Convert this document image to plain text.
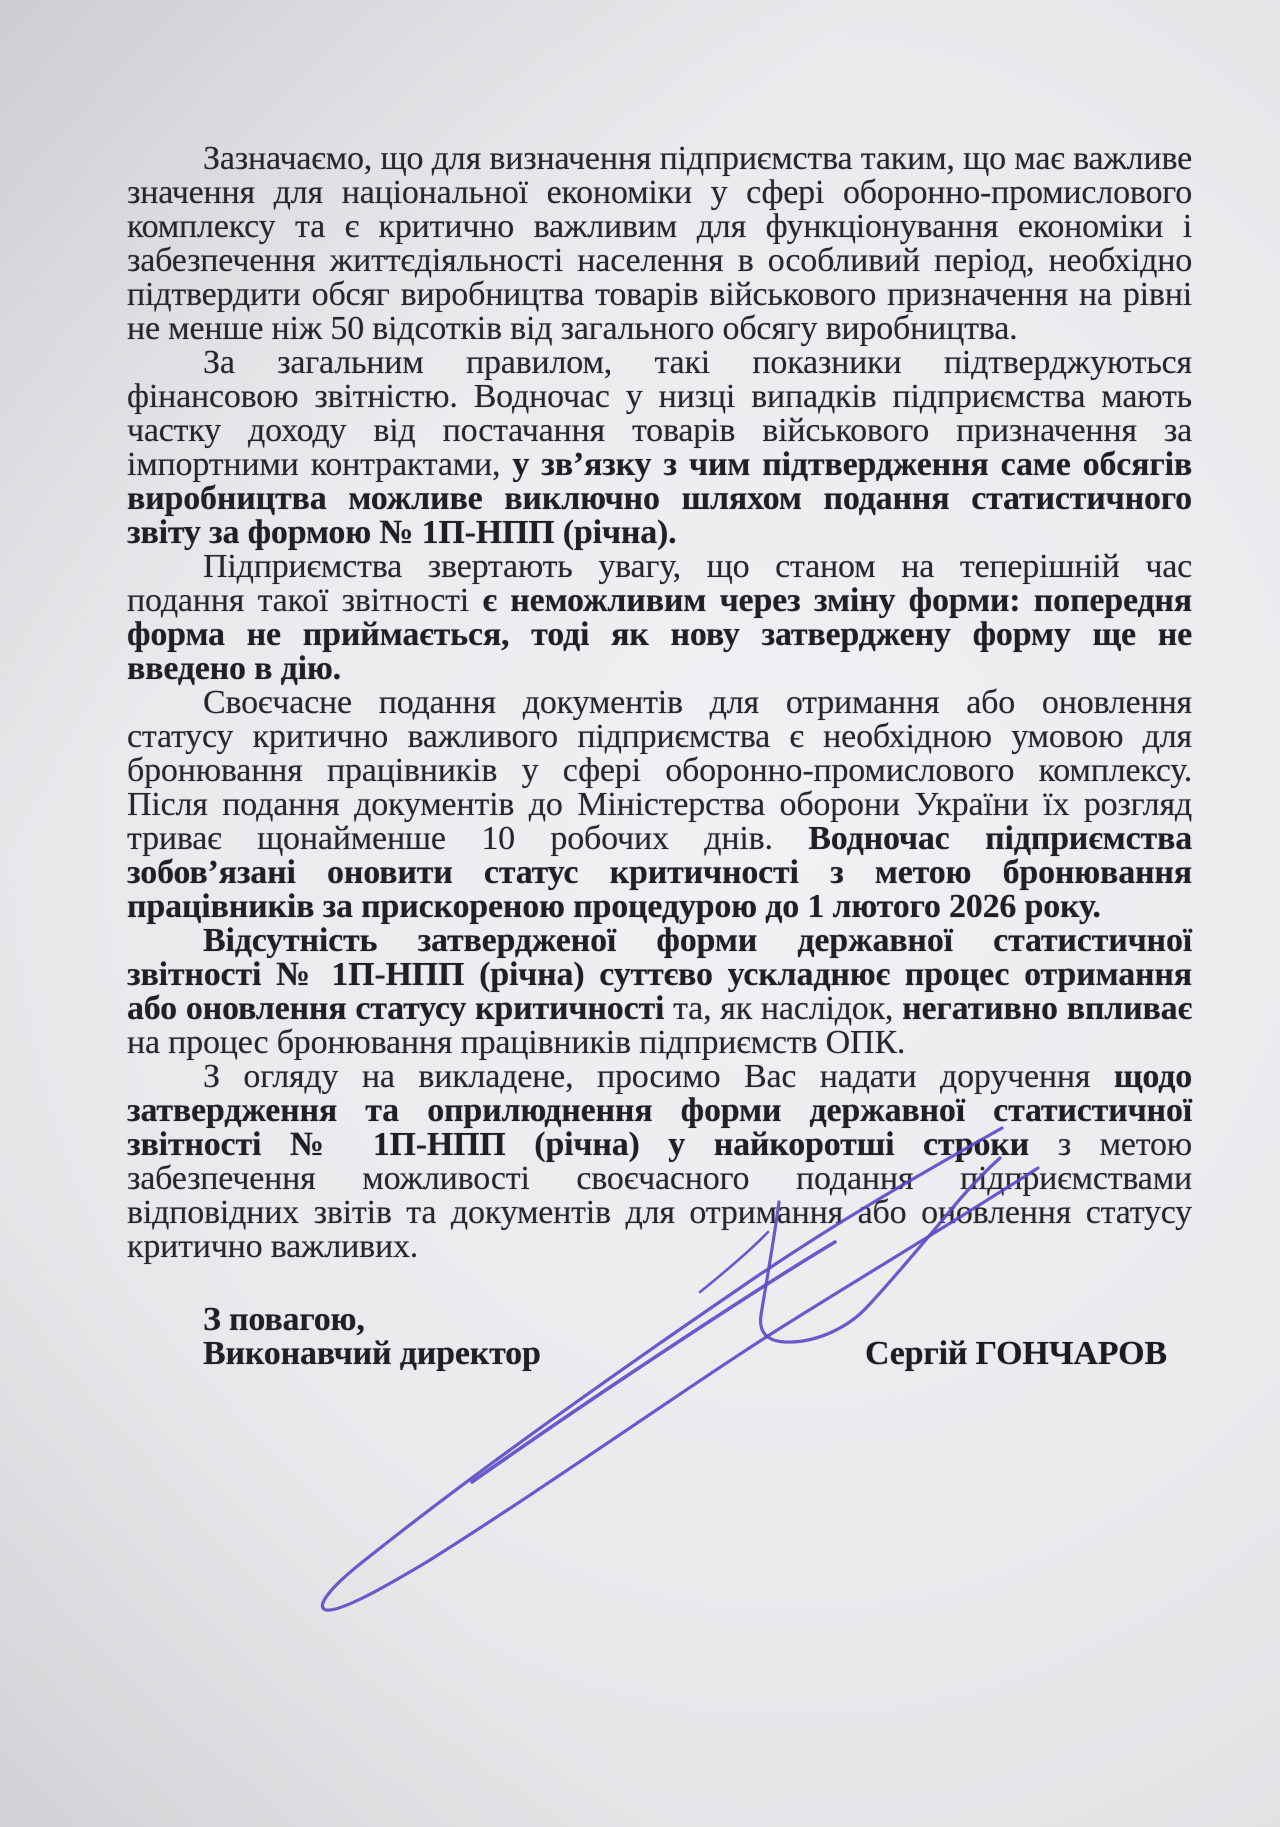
Зазначаємо, що для визначення підприємства таким, що має важливе значення для національної економіки у сфері оборонно-промислового комплексу та є критично важливим для функціонування економіки і забезпечення життєдіяльності населення в особливий період, необхідно підтвердити обсяг виробництва товарів військового призначення на рівні не менше ніж 50 відсотків від загального обсягу виробництва.

За загальним правилом, такі показники підтверджуються фінансовою звітністю. Водночас у низці випадків підприємства мають частку доходу від постачання товарів військового призначення за імпортними контрактами, у зв’язку з чим підтвердження саме обсягів виробництва можливе виключно шляхом подання статистичного звіту за формою № 1П-НПП (річна).

Підприємства звертають увагу, що станом на теперішній час подання такої звітності є неможливим через зміну форми: попередня форма не приймається, тоді як нову затверджену форму ще не введено в дію.

Своєчасне подання документів для отримання або оновлення статусу критично важливого підприємства є необхідною умовою для бронювання працівників у сфері оборонно-промислового комплексу. Після подання документів до Міністерства оборони України їх розгляд триває щонайменше 10 робочих днів. Водночас підприємства зобов’язані оновити статус критичності з метою бронювання працівників за прискореною процедурою до 1 лютого 2026 року.

Відсутність затвердженої форми державної статистичної звітності № 1П-НПП (річна) суттєво ускладнює процес отримання або оновлення статусу критичності та, як наслідок, негативно впливає на процес бронювання працівників підприємств ОПК.

З огляду на викладене, просимо Вас надати доручення щодо затвердження та оприлюднення форми державної статистичної звітності № 1П-НПП (річна) у найкоротші строки з метою забезпечення можливості своєчасного подання підприємствами відповідних звітів та документів для отримання або оновлення статусу критично важливих.

З повагою,
Виконавчий директор	Сергій ГОНЧАРОВ
